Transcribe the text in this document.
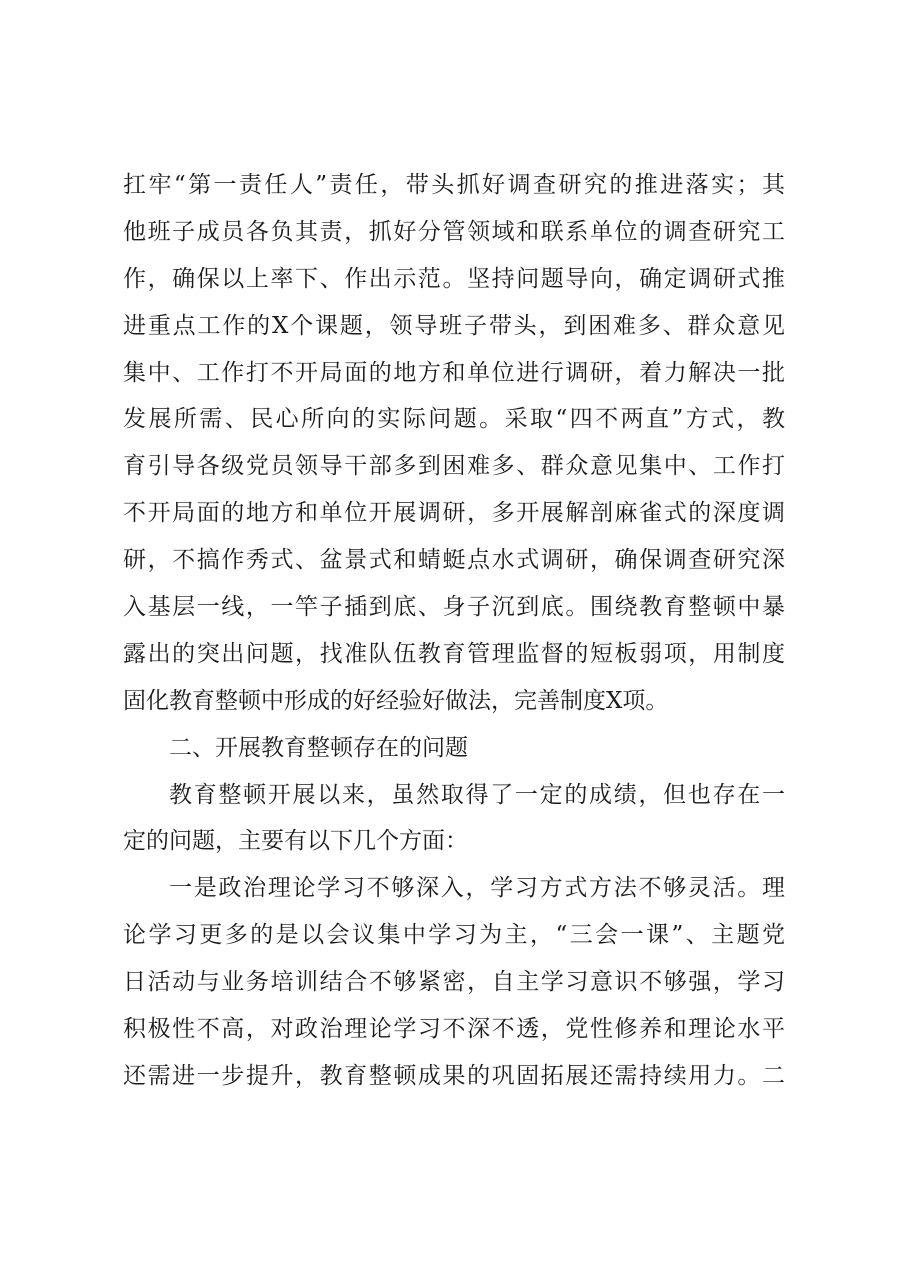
扛牢“第一责任人”责任，带头抓好调查研究的推进落实；其
他班子成员各负其责，抓好分管领域和联系单位的调查研究工
作，确保以上率下、作出示范。坚持问题导向，确定调研式推
进重点工作的X个课题，领导班子带头，到困难多、群众意见
集中、工作打不开局面的地方和单位进行调研，着力解决一批
发展所需、民心所向的实际问题。采取“四不两直”方式，教
育引导各级党员领导干部多到困难多、群众意见集中、工作打
不开局面的地方和单位开展调研，多开展解剖麻雀式的深度调
研，不搞作秀式、盆景式和蜻蜓点水式调研，确保调查研究深
入基层一线，一竿子插到底、身子沉到底。围绕教育整顿中暴
露出的突出问题，找准队伍教育管理监督的短板弱项，用制度
固化教育整顿中形成的好经验好做法，完善制度X项。
二、开展教育整顿存在的问题
教育整顿开展以来，虽然取得了一定的成绩，但也存在一
定的问题，主要有以下几个方面：
一是政治理论学习不够深入，学习方式方法不够灵活。理
论学习更多的是以会议集中学习为主，“三会一课”、主题党
日活动与业务培训结合不够紧密，自主学习意识不够强，学习
积极性不高，对政治理论学习不深不透，党性修养和理论水平
还需进一步提升，教育整顿成果的巩固拓展还需持续用力。二
